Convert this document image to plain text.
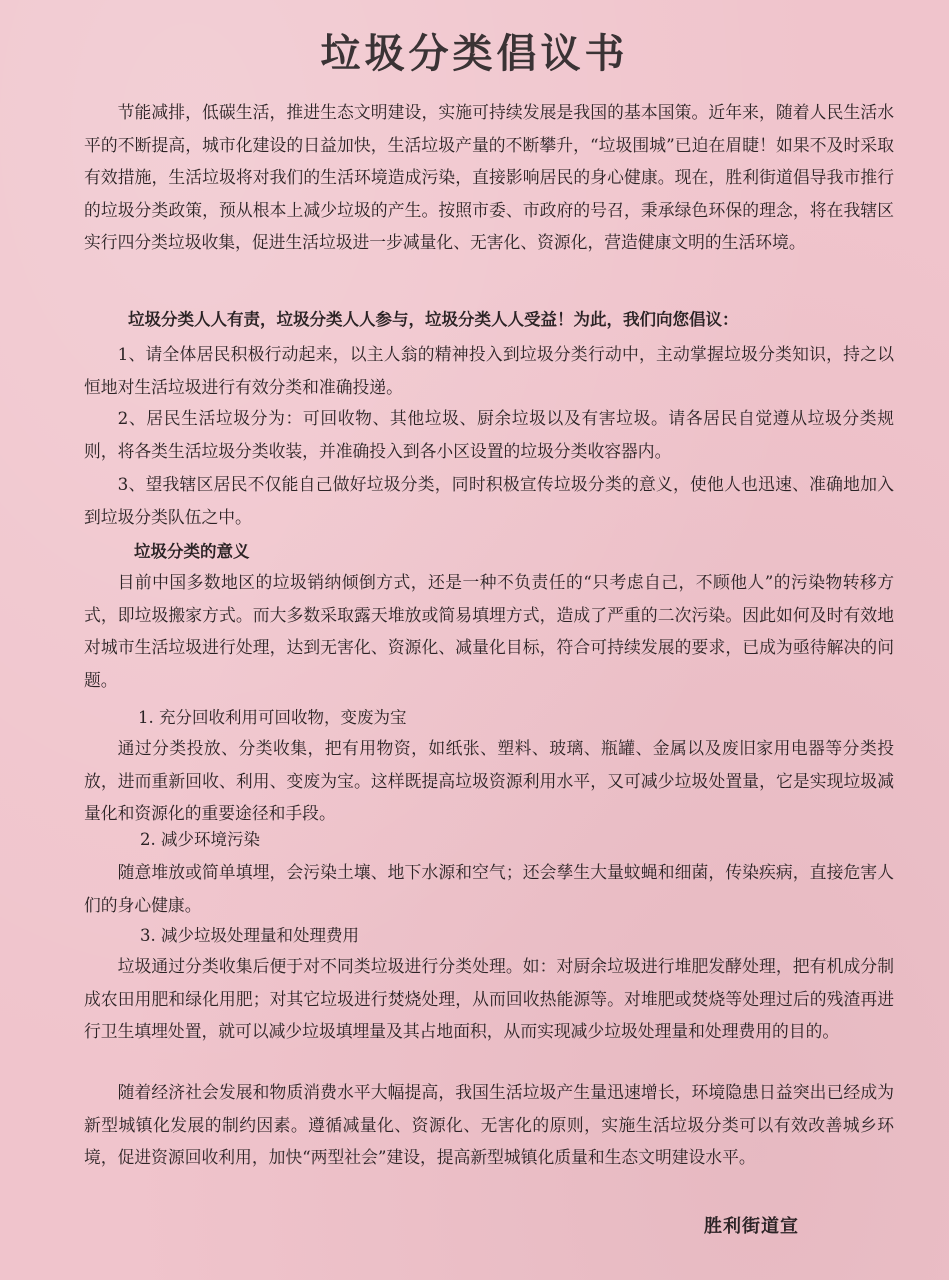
垃圾分类倡议书
节能减排，低碳生活，推进生态文明建设，实施可持续发展是我国的基本国策。近年来，随着人民生活水平的不断提高，城市化建设的日益加快，生活垃圾产量的不断攀升，“垃圾围城”已迫在眉睫！如果不及时采取有效措施，生活垃圾将对我们的生活环境造成污染，直接影响居民的身心健康。现在，胜利街道倡导我市推行的垃圾分类政策，预从根本上减少垃圾的产生。按照市委、市政府的号召，秉承绿色环保的理念，将在我辖区实行四分类垃圾收集，促进生活垃圾进一步减量化、无害化、资源化，营造健康文明的生活环境。
垃圾分类人人有责，垃圾分类人人参与，垃圾分类人人受益！为此，我们向您倡议：
1、请全体居民积极行动起来，以主人翁的精神投入到垃圾分类行动中，主动掌握垃圾分类知识，持之以恒地对生活垃圾进行有效分类和准确投递。
2、居民生活垃圾分为：可回收物、其他垃圾、厨余垃圾以及有害垃圾。请各居民自觉遵从垃圾分类规则，将各类生活垃圾分类收装，并准确投入到各小区设置的垃圾分类收容器内。
3、望我辖区居民不仅能自己做好垃圾分类，同时积极宣传垃圾分类的意义，使他人也迅速、准确地加入到垃圾分类队伍之中。
垃圾分类的意义
目前中国多数地区的垃圾销纳倾倒方式，还是一种不负责任的“只考虑自己，不顾他人”的污染物转移方式，即垃圾搬家方式。而大多数采取露天堆放或简易填埋方式，造成了严重的二次污染。因此如何及时有效地对城市生活垃圾进行处理，达到无害化、资源化、减量化目标，符合可持续发展的要求，已成为亟待解决的问题。
1. 充分回收利用可回收物，变废为宝
通过分类投放、分类收集，把有用物资，如纸张、塑料、玻璃、瓶罐、金属以及废旧家用电器等分类投放，进而重新回收、利用、变废为宝。这样既提高垃圾资源利用水平，又可减少垃圾处置量，它是实现垃圾减量化和资源化的重要途径和手段。
2. 减少环境污染
随意堆放或简单填埋，会污染土壤、地下水源和空气；还会孳生大量蚊蝇和细菌，传染疾病，直接危害人们的身心健康。
3. 减少垃圾处理量和处理费用
垃圾通过分类收集后便于对不同类垃圾进行分类处理。如：对厨余垃圾进行堆肥发酵处理，把有机成分制成农田用肥和绿化用肥；对其它垃圾进行焚烧处理，从而回收热能源等。对堆肥或焚烧等处理过后的残渣再进行卫生填埋处置，就可以减少垃圾填埋量及其占地面积，从而实现减少垃圾处理量和处理费用的目的。
随着经济社会发展和物质消费水平大幅提高，我国生活垃圾产生量迅速增长，环境隐患日益突出已经成为新型城镇化发展的制约因素。遵循减量化、资源化、无害化的原则，实施生活垃圾分类可以有效改善城乡环境，促进资源回收利用，加快“两型社会”建设，提高新型城镇化质量和生态文明建设水平。
胜利街道宣
